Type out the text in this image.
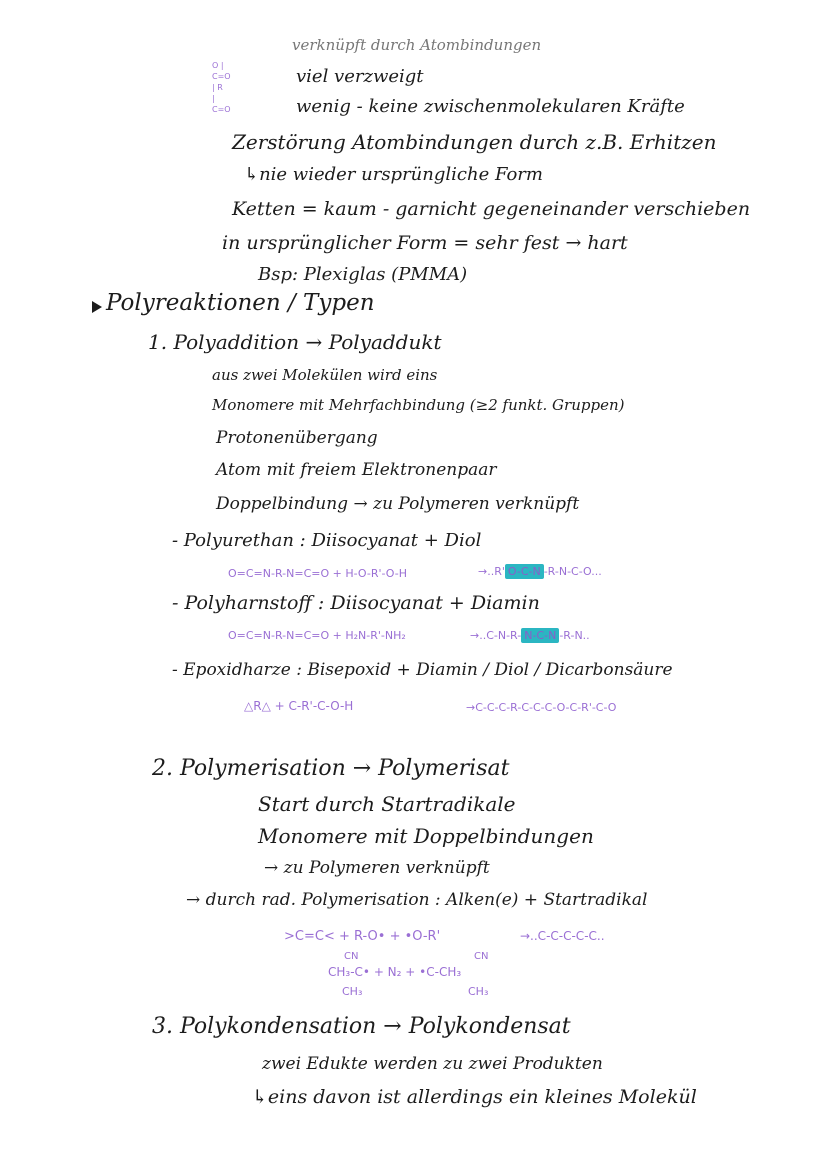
verknüpft durch Atombindungen
O | C=O | R | C=O
viel verzweigt
wenig - keine zwischenmolekularen Kräfte
Zerstörung Atombindungen durch z.B. Erhitzen
↳nie wieder ursprüngliche Form
Ketten = kaum - garnicht gegeneinander verschieben
in ursprünglicher Form = sehr fest → hart
Bsp: Plexiglas (PMMA)
Polyreaktionen / Typen
1. Polyaddition → Polyaddukt
aus zwei Molekülen wird eins
Monomere mit Mehrfachbindung (≥2 funkt. Gruppen)
Protonenübergang
Atom mit freiem Elektronenpaar
Doppelbindung → zu Polymeren verknüpft
- Polyurethan : Diisocyanat + Diol
O=C=N-R-N=C=O + H-O-R'-O-H	→..R' O-C-N -R-N-C-O...
- Polyharnstoff : Diisocyanat + Diamin
O=C=N-R-N=C=O + H₂N-R'-NH₂	→..C-N-R- N-C-N -R-N..
- Epoxidharze : Bisepoxid + Diamin / Diol / Dicarbonsäure
△R△ + C-R'-C-O-H	→C-C-C-R-C-C-C-O-C-R'-C-O
2. Polymerisation → Polymerisat
Start durch Startradikale
Monomere mit Doppelbindungen
→ zu Polymeren verknüpft
→ durch rad. Polymerisation : Alken(e) + Startradikal
>C=C< + R-O• + •O-R'	→..C-C-C-C-C..
CN	CN
CH₃-C• + N₂ + •C-CH₃
CH₃	CH₃
3. Polykondensation → Polykondensat
zwei Edukte werden zu zwei Produkten
↳eins davon ist allerdings ein kleines Molekül
